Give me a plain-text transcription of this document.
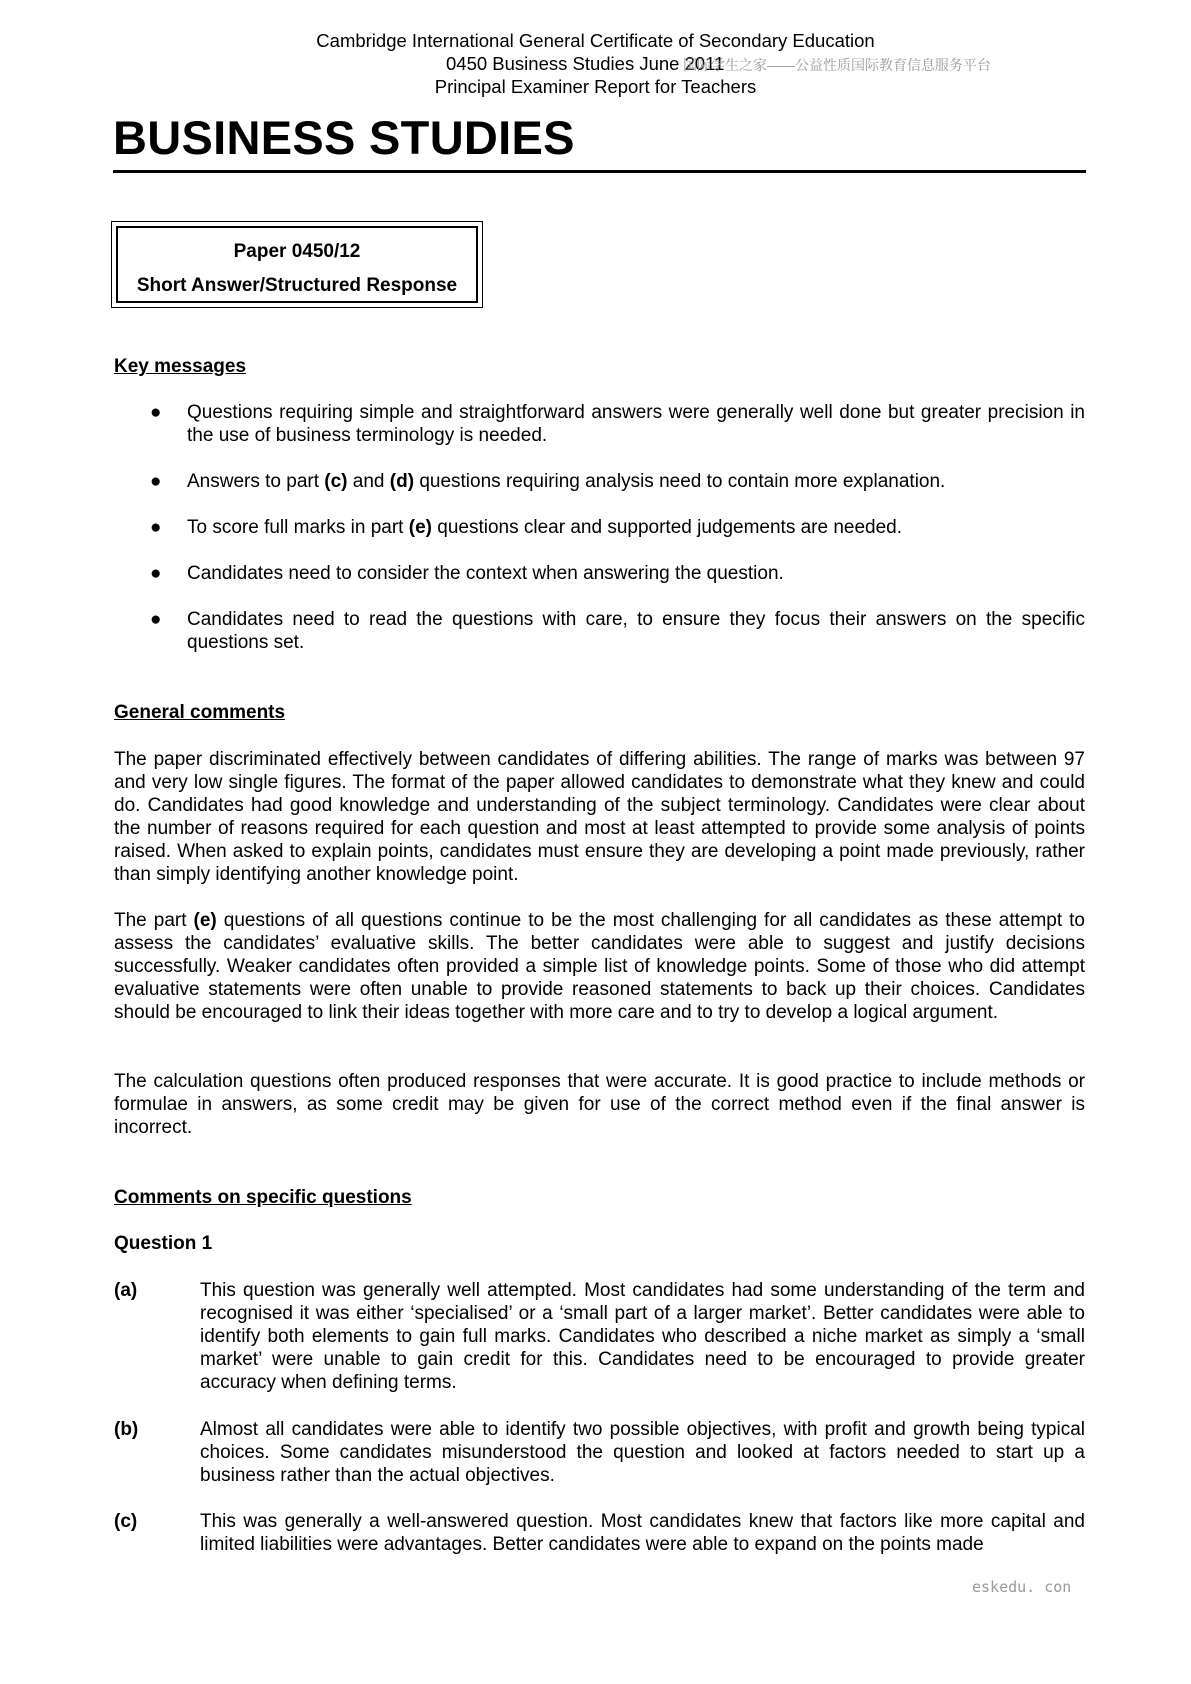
Cambridge International General Certificate of Secondary Education
0450 Business Studies June 2011
Principal Examiner Report for Teachers
国际学生之家——公益性质国际教育信息服务平台
BUSINESS STUDIES
Paper 0450/12
Short Answer/Structured Response
Key messages
● Questions requiring simple and straightforward answers were generally well done but greater precision in the use of business terminology is needed.
● Answers to part (c) and (d) questions requiring analysis need to contain more explanation.
● To score full marks in part (e) questions clear and supported judgements are needed.
● Candidates need to consider the context when answering the question.
● Candidates need to read the questions with care, to ensure they focus their answers on the specific questions set.
General comments

The paper discriminated effectively between candidates of differing abilities. The range of marks was between 97 and very low single figures. The format of the paper allowed candidates to demonstrate what they knew and could do. Candidates had good knowledge and understanding of the subject terminology. Candidates were clear about the number of reasons required for each question and most at least attempted to provide some analysis of points raised. When asked to explain points, candidates must ensure they are developing a point made previously, rather than simply identifying another knowledge point.

The part (e) questions of all questions continue to be the most challenging for all candidates as these attempt to assess the candidates’ evaluative skills. The better candidates were able to suggest and justify decisions successfully. Weaker candidates often provided a simple list of knowledge points. Some of those who did attempt evaluative statements were often unable to provide reasoned statements to back up their choices. Candidates should be encouraged to link their ideas together with more care and to try to develop a logical argument.

The calculation questions often produced responses that were accurate. It is good practice to include methods or formulae in answers, as some credit may be given for use of the correct method even if the final answer is incorrect.

Comments on specific questions
Question 1
(a)	This question was generally well attempted. Most candidates had some understanding of the term and recognised it was either ‘specialised’ or a ‘small part of a larger market’. Better candidates were able to identify both elements to gain full marks. Candidates who described a niche market as simply a ‘small market’ were unable to gain credit for this. Candidates need to be encouraged to provide greater accuracy when defining terms.
(b)	Almost all candidates were able to identify two possible objectives, with profit and growth being typical choices. Some candidates misunderstood the question and looked at factors needed to start up a business rather than the actual objectives.
(c)	This was generally a well-answered question. Most candidates knew that factors like more capital and limited liabilities were advantages. Better candidates were able to expand on the points made
eskedu. con
